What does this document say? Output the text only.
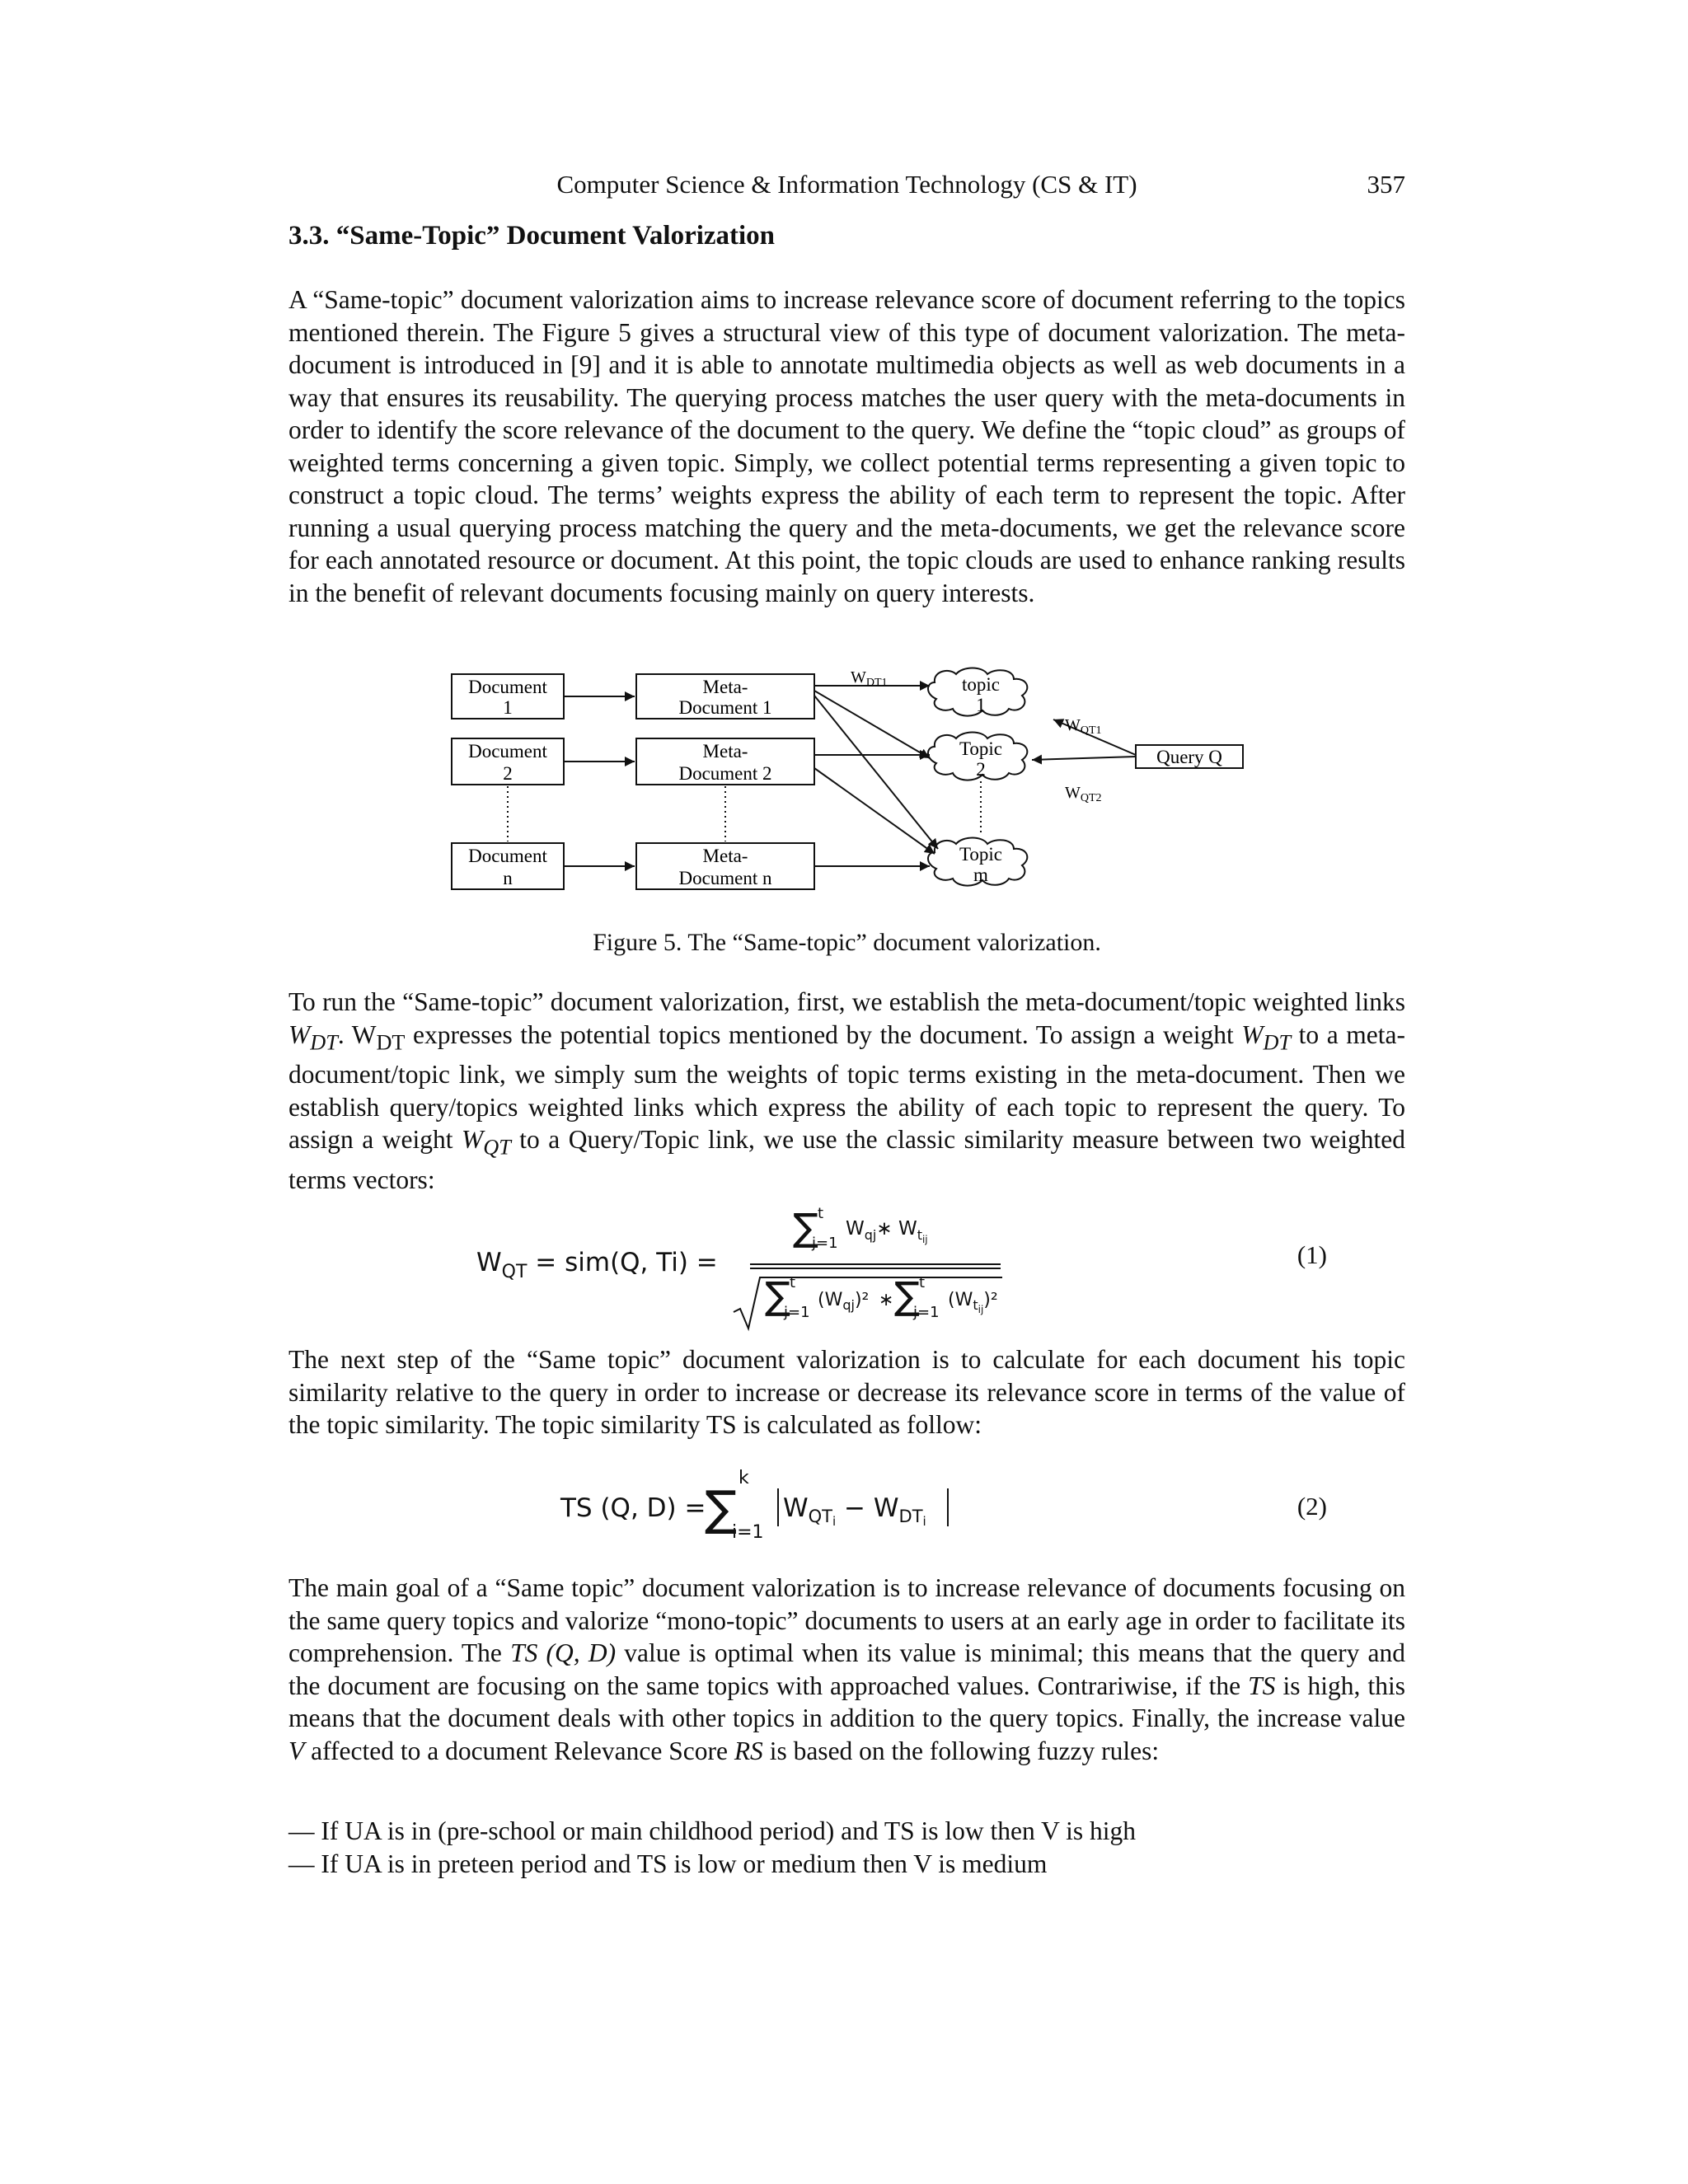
Computer Science & Information Technology (CS & IT)	357
3.3. “Same-Topic” Document Valorization

A “Same-topic” document valorization aims to increase relevance score of document referring to the topics mentioned therein. The Figure 5 gives a structural view of this type of document valorization. The meta-document is introduced in [9] and it is able to annotate multimedia objects as well as web documents in a way that ensures its reusability. The querying process matches the user query with the meta-documents in order to identify the score relevance of the document to the query. We define the “topic cloud” as groups of weighted terms concerning a given topic. Simply, we collect potential terms representing a given topic to construct a topic cloud. The terms’ weights express the ability of each term to represent the topic. After running a usual querying process matching the query and the meta-documents, we get the relevance score for each annotated resource or document. At this point, the topic clouds are used to enhance ranking results in the benefit of relevant documents focusing mainly on query interests.

Document
1
Document
2
Document
n
Meta-
Document 1
Meta-
Document 2
Meta-
Document n
topic
1
Topic
2
Topic
m
Query Q
$W_{DT1}$
$W_{QT1}$
$W_{QT2}$
Figure 5. The “Same-topic” document valorization.

To run the “Same-topic” document valorization, first, we establish the meta-document/topic weighted links $W_{DT}$. $W_{DT}$ expresses the potential topics mentioned by the document. To assign a weight $W_{DT}$ to a meta-document/topic link, we simply sum the weights of topic terms existing in the meta-document. Then we establish query/topics weighted links which express the ability of each topic to represent the query. To assign a weight $W_{QT}$ to a Query/Topic link, we use the classic similarity measure between two weighted terms vectors:

$W_{QT} = sim(Q$, Ti) =
∑ t
j=1
$W_{qj}∗$ $W_tij$
∑ t
j=1
$(W_{qj})^2$ ∗ ∑ t
j=1
$(W_tij)^2$
(1)

The next step of the “Same topic” document valorization is to calculate for each document his topic similarity relative to the query in order to increase or decrease its relevance score in terms of the value of the topic similarity. The topic similarity TS is calculated as follow:

TS (Q, D) =
∑
k
i=1
$W_{QT}i - W_{DT}i$
(2)

The main goal of a “Same topic” document valorization is to increase relevance of documents focusing on the same query topics and valorize “mono-topic” documents to users at an early age in order to facilitate its comprehension. The TS (Q, D) value is optimal when its value is minimal; this means that the query and the document are focusing on the same topics with approached values. Contrariwise, if the TS is high, this means that the document deals with other topics in addition to the query topics. Finally, the increase value V affected to a document Relevance Score RS is based on the following fuzzy rules:

— If UA is in (pre-school or main childhood period) and TS is low then V is high
— If UA is in preteen period and TS is low or medium then V is medium
